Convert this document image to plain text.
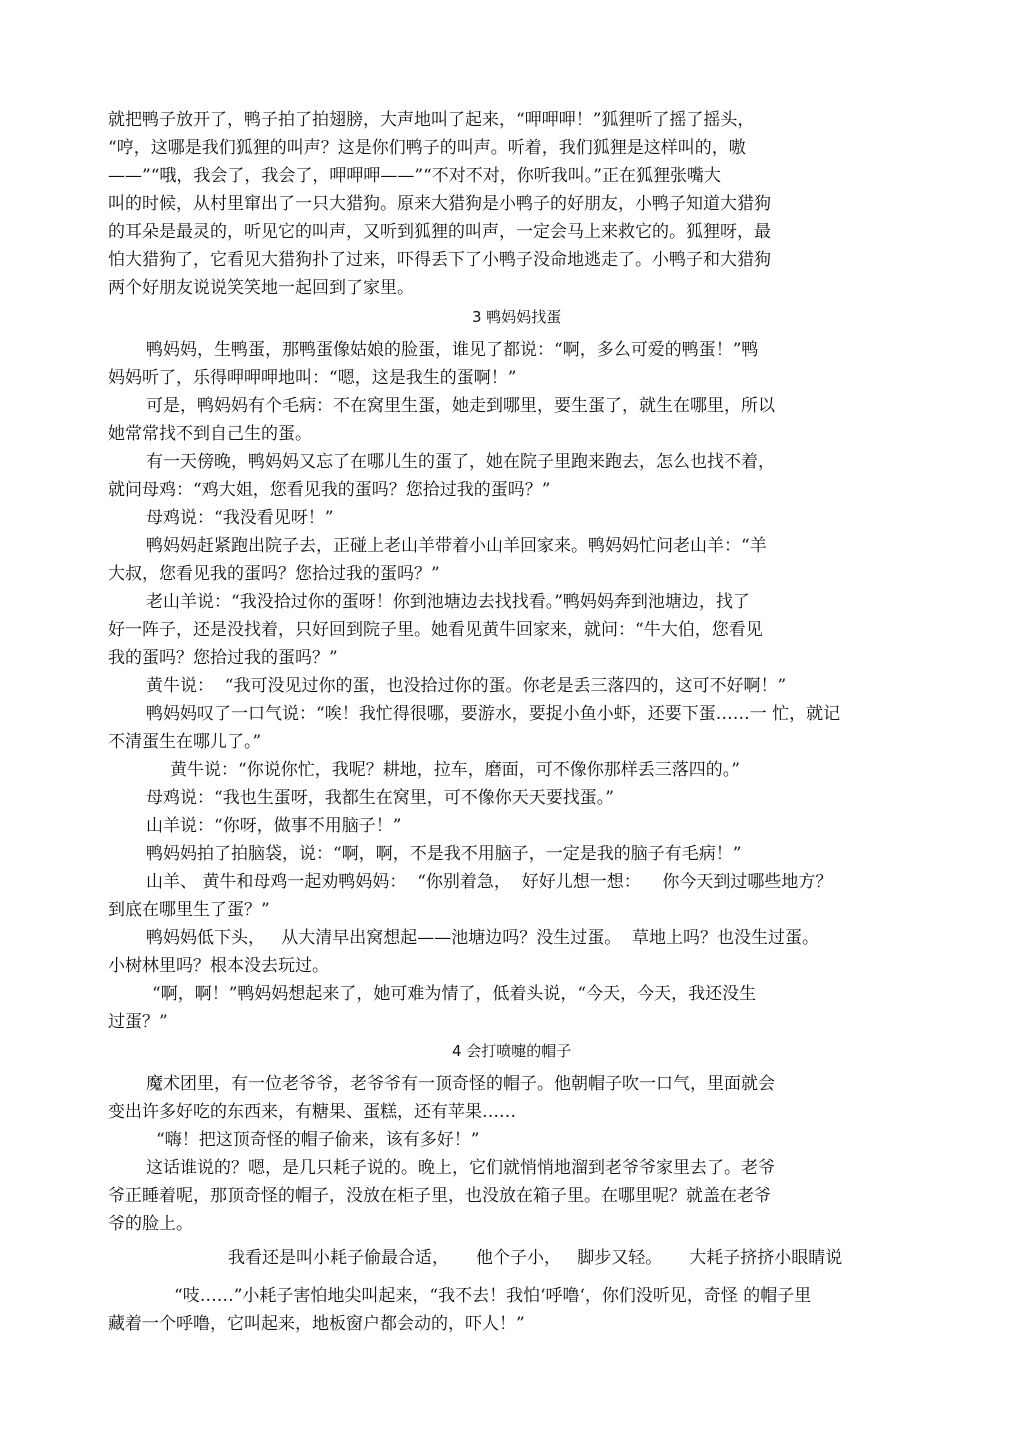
就把鸭子放开了，鸭子拍了拍翅膀，大声地叫了起来，“呷呷呷！”狐狸听了摇了摇头，

“哼，这哪是我们狐狸的叫声？这是你们鸭子的叫声。听着，我们狐狸是这样叫的，嗷

——”“哦，我会了，我会了，呷呷呷——”“不对不对，你听我叫。”正在狐狸张嘴大

叫的时候，从村里窜出了一只大猎狗。原来大猎狗是小鸭子的好朋友，小鸭子知道大猎狗

的耳朵是最灵的，听见它的叫声，又听到狐狸的叫声，一定会马上来救它的。狐狸呀，最

怕大猎狗了，它看见大猎狗扑了过来，吓得丢下了小鸭子没命地逃走了。小鸭子和大猎狗

两个好朋友说说笑笑地一起回到了家里。

3 鸭妈妈找蛋

鸭妈妈，生鸭蛋，那鸭蛋像姑娘的脸蛋，谁见了都说：“啊，多么可爱的鸭蛋！”鸭

妈妈听了，乐得呷呷呷地叫：“嗯，这是我生的蛋啊！”

可是，鸭妈妈有个毛病：不在窝里生蛋，她走到哪里，要生蛋了，就生在哪里，所以

她常常找不到自己生的蛋。

有一天傍晚，鸭妈妈又忘了在哪儿生的蛋了，她在院子里跑来跑去，怎么也找不着，

就问母鸡：“鸡大姐，您看见我的蛋吗？您拾过我的蛋吗？”

母鸡说：“我没看见呀！”

鸭妈妈赶紧跑出院子去，正碰上老山羊带着小山羊回家来。鸭妈妈忙问老山羊：“羊

大叔，您看见我的蛋吗？您拾过我的蛋吗？”

老山羊说：“我没拾过你的蛋呀！你到池塘边去找找看。”鸭妈妈奔到池塘边，找了

好一阵子，还是没找着，只好回到院子里。她看见黄牛回家来，就问：“牛大伯，您看见

我的蛋吗？您拾过我的蛋吗？”

黄牛说：  “我可没见过你的蛋，也没拾过你的蛋。你老是丢三落四的，这可不好啊！”

鸭妈妈叹了一口气说：“唉！我忙得很哪，要游水，要捉小鱼小虾，还要下蛋……一 忙，就记

不清蛋生在哪儿了。”

黄牛说：“你说你忙，我呢？耕地，拉车，磨面，可不像你那样丢三落四的。”

母鸡说：“我也生蛋呀，我都生在窝里，可不像你天天要找蛋。”

山羊说：“你呀，做事不用脑子！”

鸭妈妈拍了拍脑袋，说：“啊，啊，不是我不用脑子，一定是我的脑子有毛病！”

山羊、 黄牛和母鸡一起劝鸭妈妈：  “你别着急，  好好儿想一想：    你今天到过哪些地方？

到底在哪里生了蛋？”

鸭妈妈低下头，   从大清早出窝想起——池塘边吗？没生过蛋。  草地上吗？也没生过蛋。

小树林里吗？根本没去玩过。

“啊，啊！”鸭妈妈想起来了，她可难为情了，低着头说，“今天，今天，我还没生

过蛋？”

4 会打喷嚏的帽子

魔术团里，有一位老爷爷，老爷爷有一顶奇怪的帽子。他朝帽子吹一口气，里面就会

变出许多好吃的东西来，有糖果、蛋糕，还有苹果……

“嗨！把这顶奇怪的帽子偷来，该有多好！”

这话谁说的？嗯，是几只耗子说的。晚上，它们就悄悄地溜到老爷爷家里去了。老爷

爷正睡着呢，那顶奇怪的帽子，没放在柜子里，也没放在箱子里。在哪里呢？就盖在老爷

爷的脸上。

我看还是叫小耗子偷最合适，     他个子小，   脚步又轻。     大耗子挤挤小眼睛说

“吱……”小耗子害怕地尖叫起来，“我不去！我怕‘呼噜‘，你们没听见，奇怪 的帽子里

藏着一个呼噜，它叫起来，地板窗户都会动的，吓人！”
